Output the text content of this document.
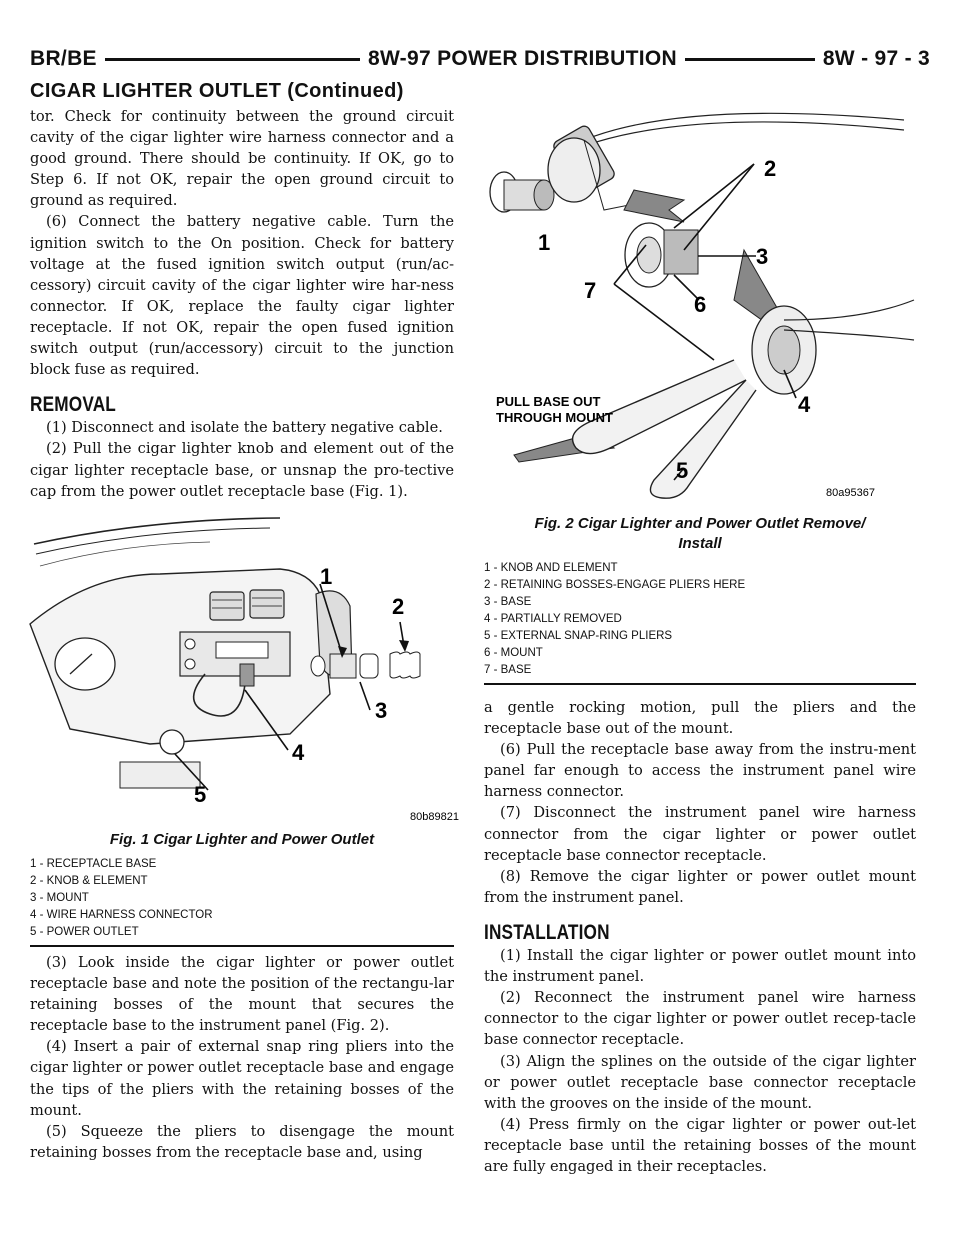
BR/BE	8W-97 POWER DISTRIBUTION	8W - 97 - 3
CIGAR LIGHTER OUTLET (Continued)

tor. Check for continuity between the ground circuit cavity of the cigar lighter wire harness connector and a good ground. There should be continuity. If OK, go to Step 6. If not OK, repair the open ground circuit to ground as required.

(6) Connect the battery negative cable. Turn the ignition switch to the On position. Check for battery voltage at the fused ignition switch output (run/ac-cessory) circuit cavity of the cigar lighter wire har-ness connector. If OK, replace the faulty cigar lighter receptacle. If not OK, repair the open fused ignition switch output (run/accessory) circuit to the junction block fuse as required.

REMOVAL

(1) Disconnect and isolate the battery negative cable.

(2) Pull the cigar lighter knob and element out of the cigar lighter receptacle base, or unsnap the pro-tective cap from the power outlet receptacle base (Fig. 1).

1
2
3
4
5
80b89821
Fig. 1 Cigar Lighter and Power Outlet
1 - RECEPTACLE BASE
2 - KNOB & ELEMENT
3 - MOUNT
4 - WIRE HARNESS CONNECTOR
5 - POWER OUTLET

(3) Look inside the cigar lighter or power outlet receptacle base and note the position of the rectangu-lar retaining bosses of the mount that secures the receptacle base to the instrument panel (Fig. 2).

(4) Insert a pair of external snap ring pliers into the cigar lighter or power outlet receptacle base and engage the tips of the pliers with the retaining bosses of the mount.

(5) Squeeze the pliers to disengage the mount retaining bosses from the receptacle base and, using

1
2
3
4
5
6
7
PULL BASE OUT
THROUGH MOUNT
80a95367
Fig. 2 Cigar Lighter and Power Outlet Remove/
Install
1 - KNOB AND ELEMENT
2 - RETAINING BOSSES-ENGAGE PLIERS HERE
3 - BASE
4 - PARTIALLY REMOVED
5 - EXTERNAL SNAP-RING PLIERS
6 - MOUNT
7 - BASE

a gentle rocking motion, pull the pliers and the receptacle base out of the mount.

(6) Pull the receptacle base away from the instru-ment panel far enough to access the instrument panel wire harness connector.

(7) Disconnect the instrument panel wire harness connector from the cigar lighter or power outlet receptacle base connector receptacle.

(8) Remove the cigar lighter or power outlet mount from the instrument panel.

INSTALLATION

(1) Install the cigar lighter or power outlet mount into the instrument panel.

(2) Reconnect the instrument panel wire harness connector to the cigar lighter or power outlet recep-tacle base connector receptacle.

(3) Align the splines on the outside of the cigar lighter or power outlet receptacle base connector receptacle with the grooves on the inside of the mount.

(4) Press firmly on the cigar lighter or power out-let receptacle base until the retaining bosses of the mount are fully engaged in their receptacles.
